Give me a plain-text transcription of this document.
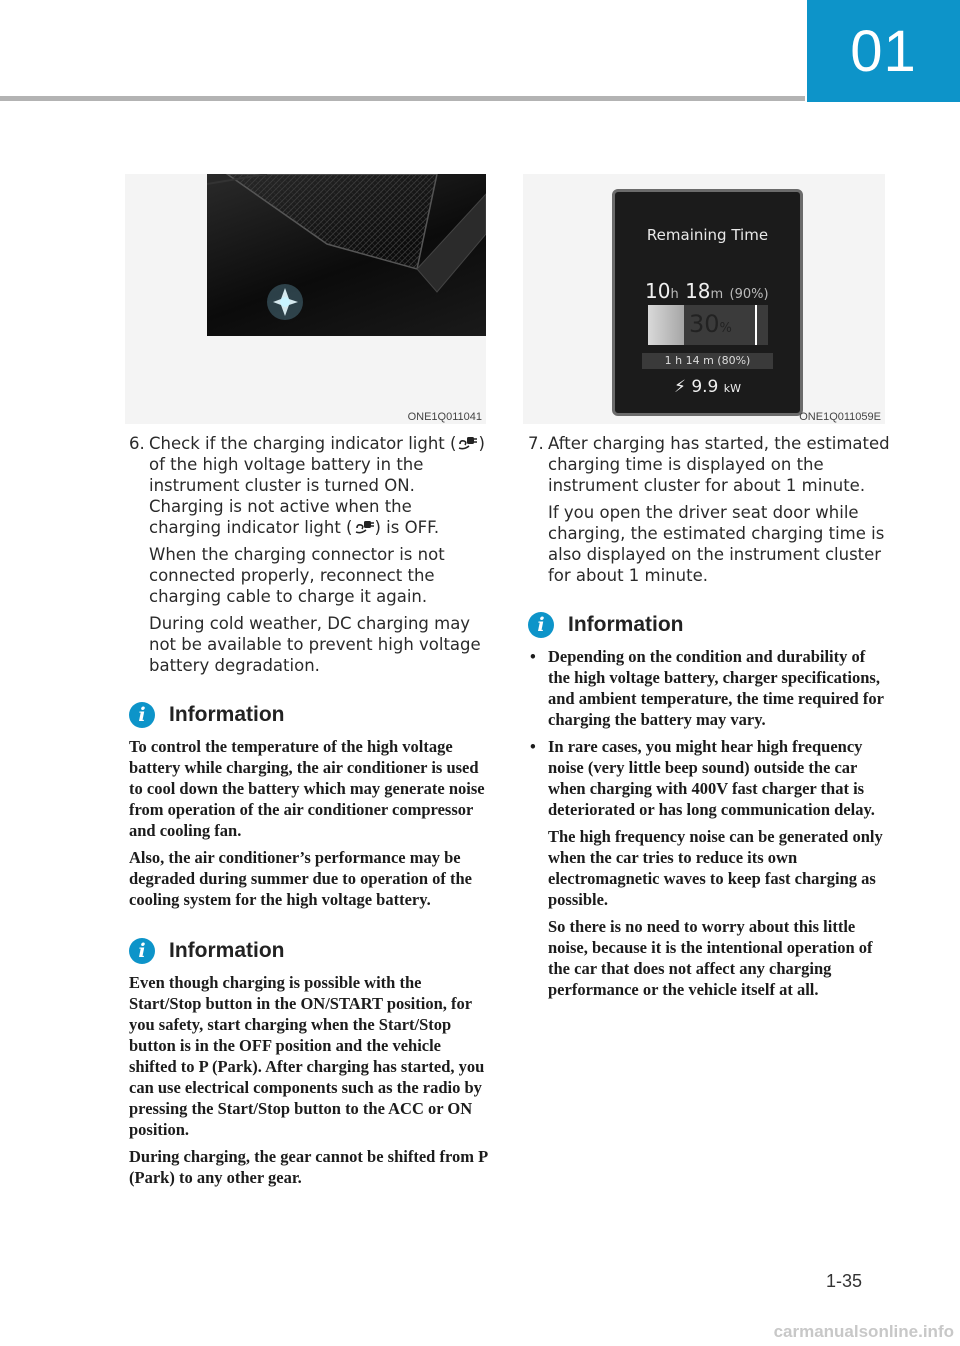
01
ONE1Q011041
Remaining Time
10h 18m (90%)
30%
1 h 14 m (80%)
⚡ 9.9 kW
ONE1Q011059E
6. Check if the charging indicator light ( ) of the high voltage battery in the instrument cluster is turned ON. Charging is not active when the charging indicator light ( ) is OFF.

When the charging connector is not connected properly, reconnect the charging cable to charge it again.

During cold weather, DC charging may not be available to prevent high voltage battery degradation.

i	Information

To control the temperature of the high voltage battery while charging, the air conditioner is used to cool down the battery which may generate noise from operation of the air conditioner compressor and cooling fan.

Also, the air conditioner’s performance may be degraded during summer due to operation of the cooling system for the high voltage battery.

i	Information

Even though charging is possible with the Start/Stop button in the ON/START position, for you safety, start charging when the Start/Stop button is in the OFF position and the vehicle shifted to P (Park). After charging has started, you can use electrical components such as the radio by pressing the Start/Stop button to the ACC or ON position.

During charging, the gear cannot be shifted from P (Park) to any other gear.

7. After charging has started, the estimated charging time is displayed on the instrument cluster for about 1 minute.

If you open the driver seat door while charging, the estimated charging time is also displayed on the instrument cluster for about 1 minute.

i	Information

• Depending on the condition and durability of the high voltage battery, charger specifications, and ambient temperature, the time required for charging the battery may vary.

• In rare cases, you might hear high frequency noise (very little beep sound) outside the car when charging with 400V fast charger that is deteriorated or has long communication delay.

The high frequency noise can be generated only when the car tries to reduce its own electromagnetic waves to keep fast charging as possible.

So there is no need to worry about this little noise, because it is the intentional operation of the car that does not affect any charging performance or the vehicle itself at all.

1-35
carmanualsonline.info
